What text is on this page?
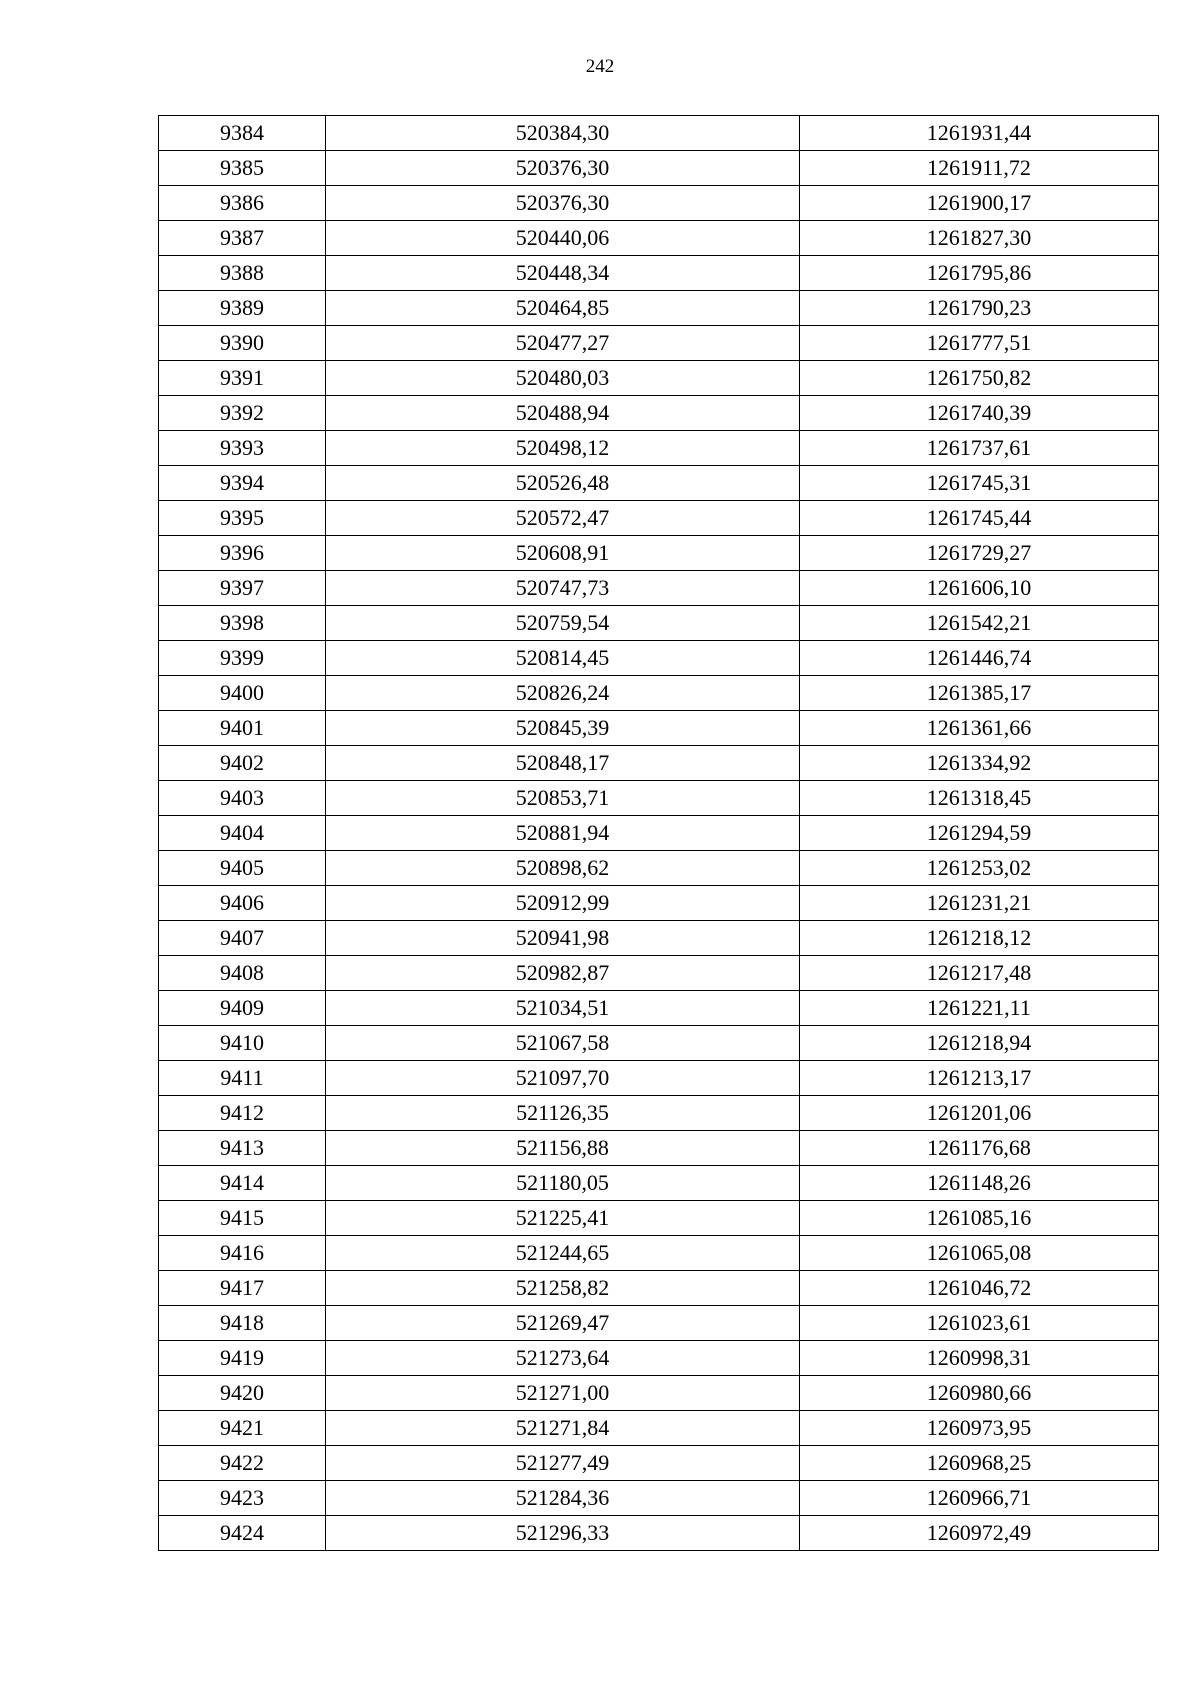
242
9384	520384,30	1261931,44
9385	520376,30	1261911,72
9386	520376,30	1261900,17
9387	520440,06	1261827,30
9388	520448,34	1261795,86
9389	520464,85	1261790,23
9390	520477,27	1261777,51
9391	520480,03	1261750,82
9392	520488,94	1261740,39
9393	520498,12	1261737,61
9394	520526,48	1261745,31
9395	520572,47	1261745,44
9396	520608,91	1261729,27
9397	520747,73	1261606,10
9398	520759,54	1261542,21
9399	520814,45	1261446,74
9400	520826,24	1261385,17
9401	520845,39	1261361,66
9402	520848,17	1261334,92
9403	520853,71	1261318,45
9404	520881,94	1261294,59
9405	520898,62	1261253,02
9406	520912,99	1261231,21
9407	520941,98	1261218,12
9408	520982,87	1261217,48
9409	521034,51	1261221,11
9410	521067,58	1261218,94
9411	521097,70	1261213,17
9412	521126,35	1261201,06
9413	521156,88	1261176,68
9414	521180,05	1261148,26
9415	521225,41	1261085,16
9416	521244,65	1261065,08
9417	521258,82	1261046,72
9418	521269,47	1261023,61
9419	521273,64	1260998,31
9420	521271,00	1260980,66
9421	521271,84	1260973,95
9422	521277,49	1260968,25
9423	521284,36	1260966,71
9424	521296,33	1260972,49
